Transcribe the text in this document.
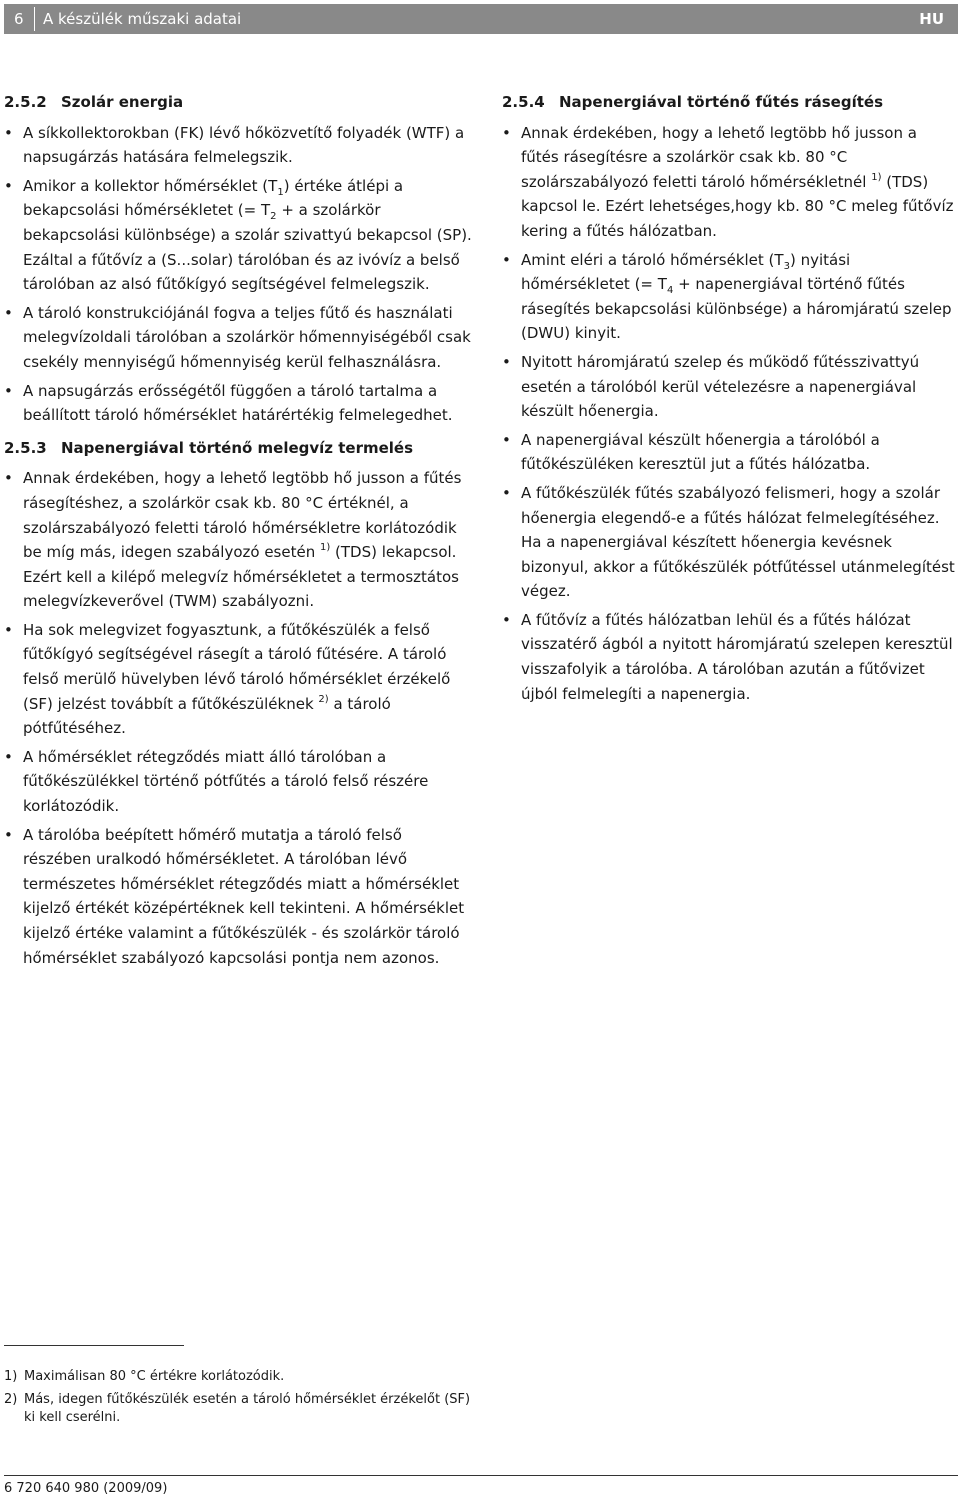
6 A készülék műszaki adatai	HU
2.5.2 Szolár energia
• A síkkollektorokban (FK) lévő hőközvetítő folyadék (WTF) a napsugárzás hatására felmelegszik.
• Amikor a kollektor hőmérséklet $(T_1)$ értéke átlépi a bekapcsolási hőmérsékletet (= $T_2 + a$ szolárkör bekapcsolási különbsége) a szolár szivattyú bekapcsol (SP). Ezáltal a fűtővíz a (S...solar) tárolóban és az ivóvíz a belső tárolóban az alsó fűtőkígyó segítségével felmelegszik.
• A tároló konstrukciójánál fogva a teljes fűtő és használati melegvízoldali tárolóban a szolárkör hőmennyiségéből csak csekély mennyiségű hőmennyiség kerül felhasználásra.
• A napsugárzás erősségétől függően a tároló tartalma a beállított tároló hőmérséklet határértékig felmelegedhet.
2.5.3 Napenergiával történő melegvíz termelés
• Annak érdekében, hogy a lehető legtöbb hő jusson a fűtés rásegítéshez, a szolárkör csak kb. 80 °C értéknél, a szolárszabályozó feletti tároló hőmérsékletre korlátozódik be míg más, idegen szabályozó esetén $^{1)}$ (TDS) lekapcsol. Ezért kell a kilépő melegvíz hőmérsékletet a termosztátos melegvízkeverővel (TWM) szabályozni.
• Ha sok melegvizet fogyasztunk, a fűtőkészülék a felső fűtőkígyó segítségével rásegít a tároló fűtésére. A tároló felső merülő hüvelyben lévő tároló hőmérséklet érzékelő (SF) jelzést továbbít a fűtőkészüléknek $^{2)}$ a tároló pótfűtéséhez.
• A hőmérséklet rétegződés miatt álló tárolóban a fűtőkészülékkel történő pótfűtés a tároló felső részére korlátozódik.
• A tárolóba beépített hőmérő mutatja a tároló felső részében uralkodó hőmérsékletet. A tárolóban lévő természetes hőmérséklet rétegződés miatt a hőmérséklet kijelző értékét középértéknek kell tekinteni. A hőmérséklet kijelző értéke valamint a fűtőkészülék - és szolárkör tároló hőmérséklet szabályozó kapcsolási pontja nem azonos.
2.5.4 Napenergiával történő fűtés rásegítés
• Annak érdekében, hogy a lehető legtöbb hő jusson a fűtés rásegítésre a szolárkör csak kb. 80 °C szolárszabályozó feletti tároló hőmérsékletnél $^{1)}$ (TDS) kapcsol le. Ezért lehetséges,hogy kb. 80 °C meleg fűtővíz kering a fűtés hálózatban.
• Amint eléri a tároló hőmérséklet $(T_3)$ nyitási hőmérsékletet (= $T_4$ + napenergiával történő fűtés rásegítés bekapcsolási különbsége) a háromjáratú szelep (DWU) kinyit.
• Nyitott háromjáratú szelep és működő fűtésszivattyú esetén a tárolóból kerül vételezésre a napenergiával készült hőenergia.
• A napenergiával készült hőenergia a tárolóból a fűtőkészüléken keresztül jut a fűtés hálózatba.
• A fűtőkészülék fűtés szabályozó felismeri, hogy a szolár hőenergia elegendő-e a fűtés hálózat felmelegítéséhez. Ha a napenergiával készített hőenergia kevésnek bizonyul, akkor a fűtőkészülék pótfűtéssel utánmelegítést végez.
• A fűtővíz a fűtés hálózatban lehül és a fűtés hálózat visszatérő ágból a nyitott háromjáratú szelepen keresztül visszafolyik a tárolóba. A tárolóban azután a fűtővizet újból felmelegíti a napenergia.
1) Maximálisan 80 °C értékre korlátozódik.
2) Más, idegen fűtőkészülék esetén a tároló hőmérséklet érzékelőt (SF) ki kell cserélni.
6 720 640 980 (2009/09)
